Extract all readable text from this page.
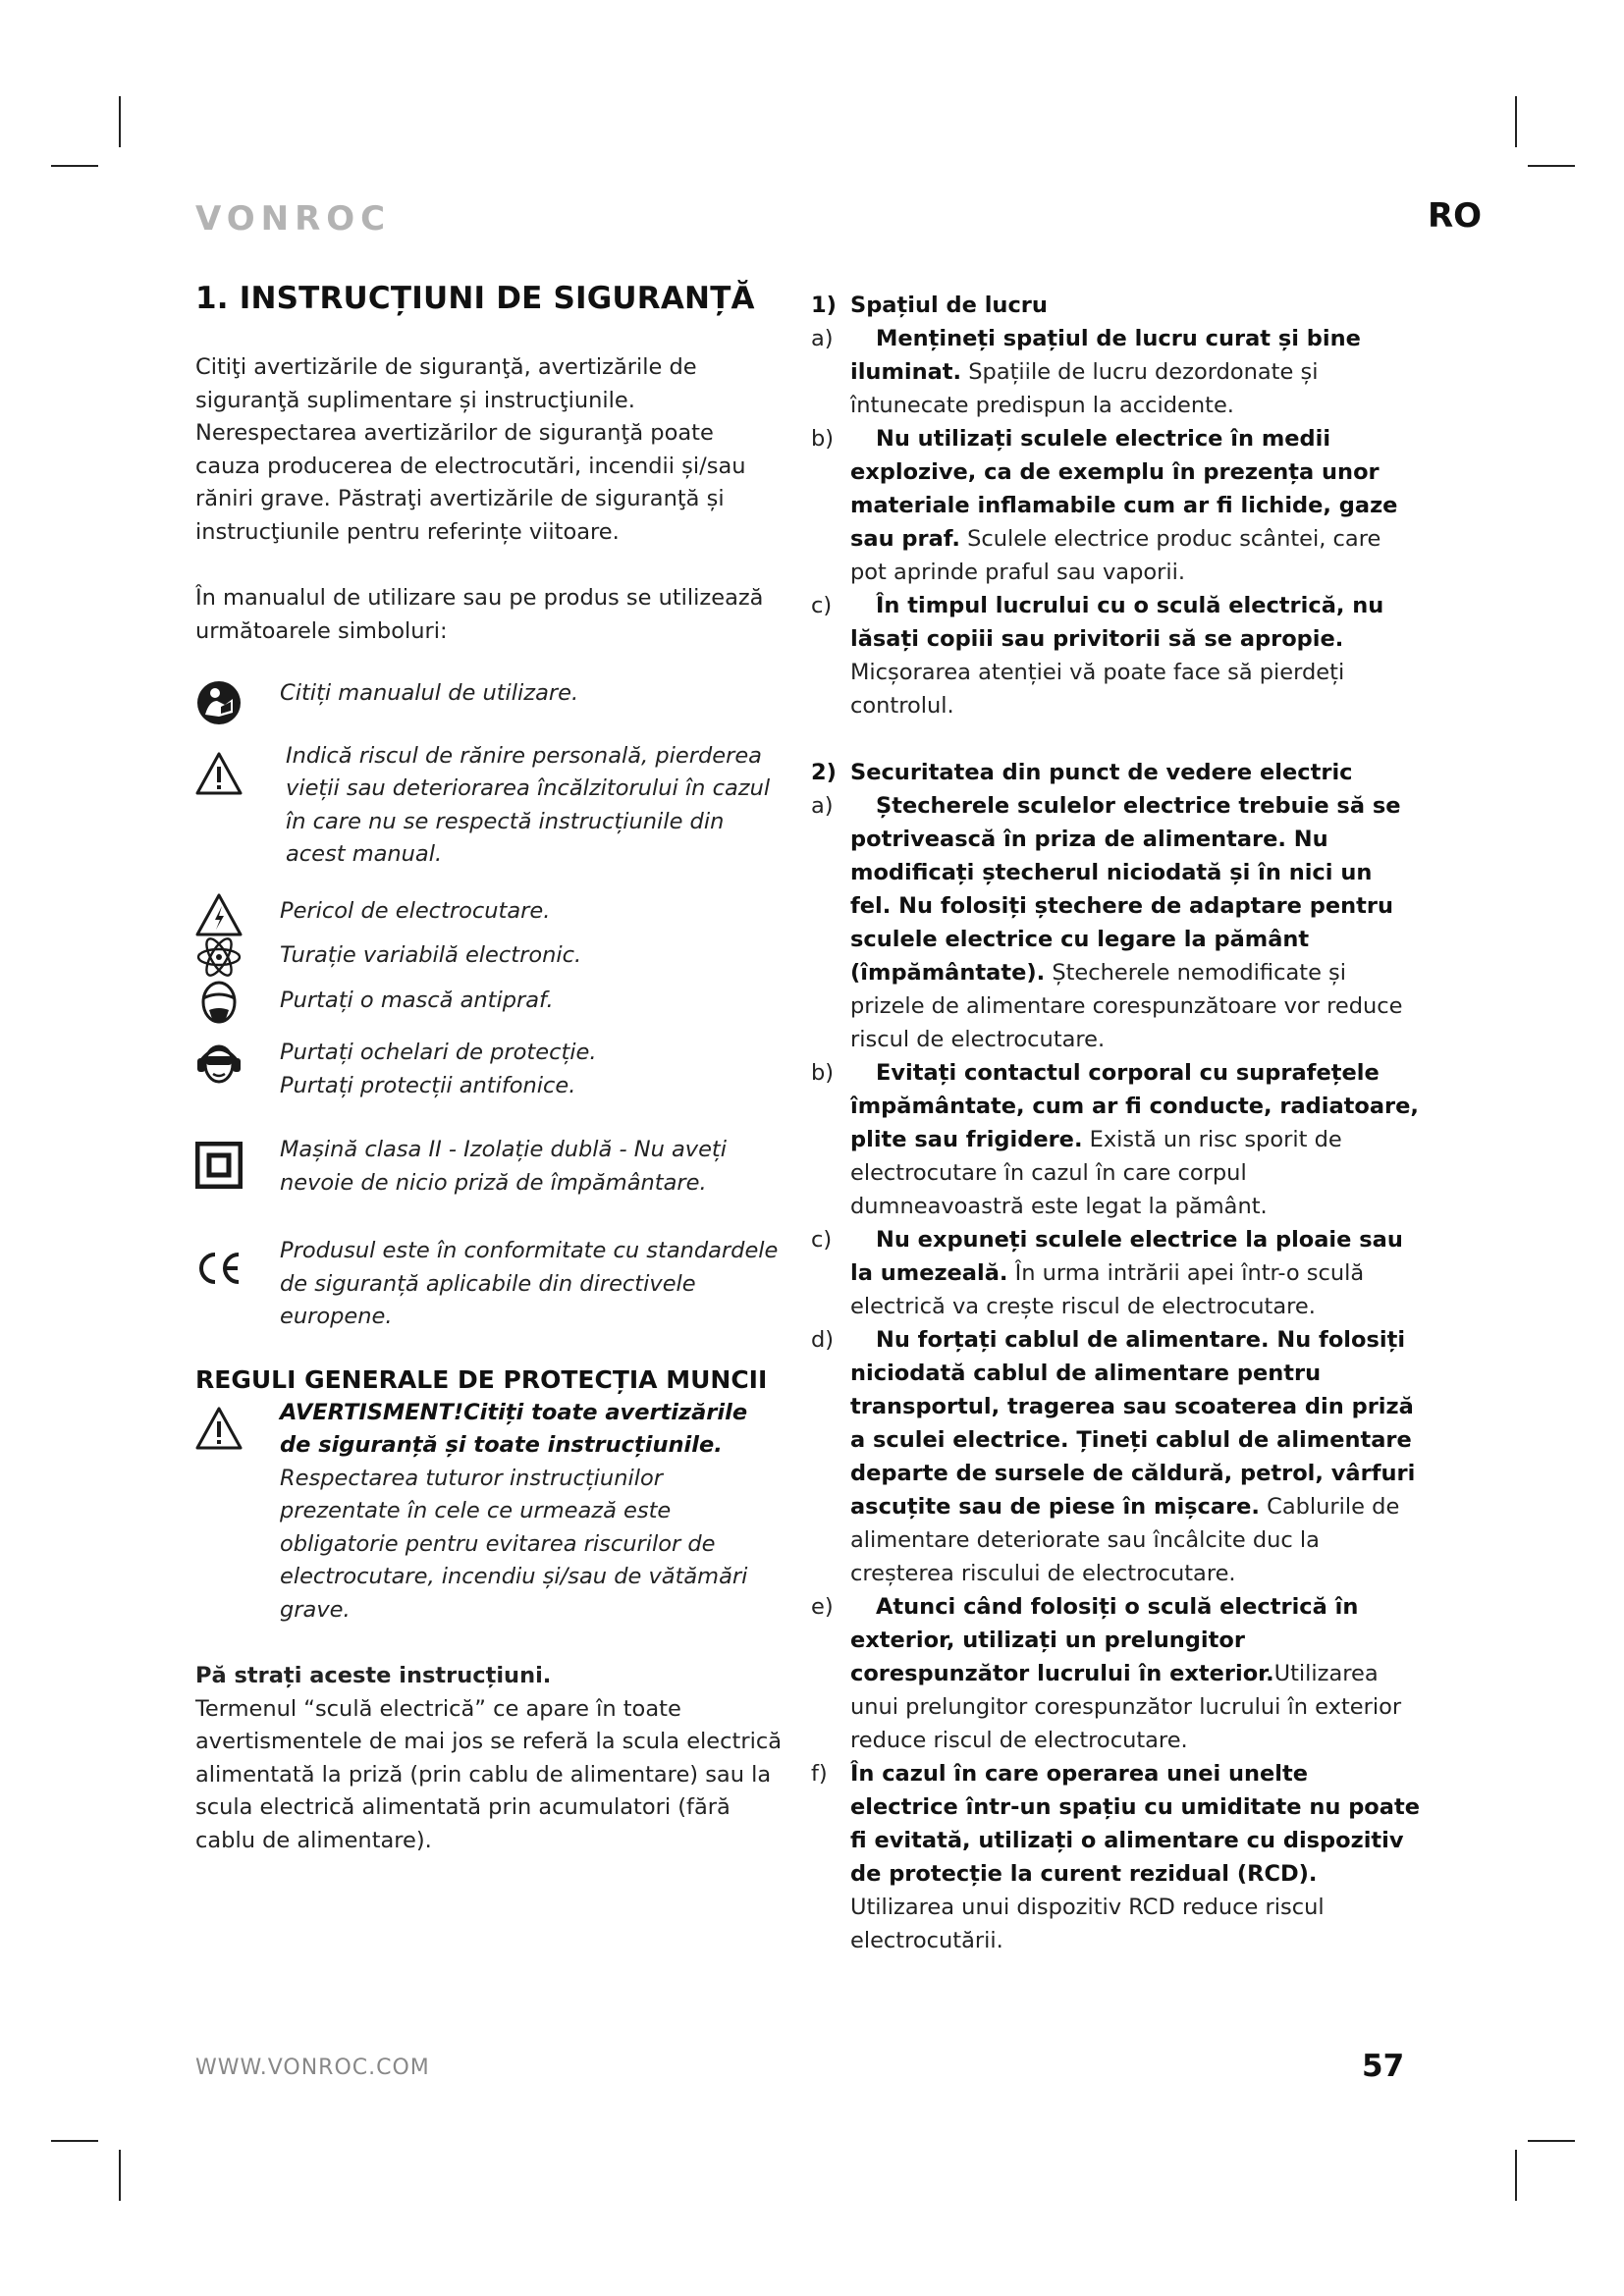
VONROC	RO
1. INSTRUCȚIUNI DE SIGURANȚĂ

Citiţi avertizările de siguranţă, avertizările de siguranţă suplimentare și instrucţiunile. Nerespectarea avertizărilor de siguranţă poate cauza producerea de electrocutări, incendii și/sau răniri grave. Păstraţi avertizările de siguranţă și instrucţiunile pentru referințe viitoare.

În manualul de utilizare sau pe produs se utilizează următoarele simboluri:

Citiți manualul de utilizare.
Indică riscul de rănire personală, pierderea vieții sau deteriorarea încălzitorului în cazul în care nu se respectă instrucțiunile din acest manual.
Pericol de electrocutare.
Turație variabilă electronic.
Purtați o mască antipraf.
Purtați ochelari de protecție.
Purtați protecții antifonice.
Mașină clasa II - Izolație dublă - Nu aveți nevoie de nicio priză de împământare.
Produsul este în conformitate cu standardele de siguranță aplicabile din directivele europene.
REGULI GENERALE DE PROTECȚIA MUNCII
AVERTISMENT!Citiți toate avertizările de siguranță și toate instrucțiunile. Respectarea tuturor instrucțiunilor prezentate în cele ce urmează este obligatorie pentru evitarea riscurilor de electrocutare, incendiu și/sau de vătămări grave.

Pă strați aceste instrucțiuni.

Termenul “sculă electrică” ce apare în toate avertismentele de mai jos se referă la scula electrică alimentată la priză (prin cablu de alimentare) sau la scula electrică alimentată prin acumulatori (fără cablu de alimentare).

1) Spațiul de lucru
a) Mențineți spațiul de lucru curat și bine iluminat. Spațiile de lucru dezordonate și întunecate predispun la accidente.
b) Nu utilizați sculele electrice în medii explozive, ca de exemplu în prezența unor materiale inflamabile cum ar fi lichide, gaze sau praf. Sculele electrice produc scântei, care pot aprinde praful sau vaporii.
c) În timpul lucrului cu o sculă electrică, nu lăsați copiii sau privitorii să se apropie. Micșorarea atenției vă poate face să pierdeți controlul.
2) Securitatea din punct de vedere electric
a) Ștecherele sculelor electrice trebuie să se potrivească în priza de alimentare. Nu modificați ștecherul niciodată și în nici un fel. Nu folosiți ștechere de adaptare pentru sculele electrice cu legare la pământ (împământate). Ștecherele nemodificate și prizele de alimentare corespunzătoare vor reduce riscul de electrocutare.
b) Evitați contactul corporal cu suprafețele împământate, cum ar fi conducte, radiatoare, plite sau frigidere. Există un risc sporit de electrocutare în cazul în care corpul dumneavoastră este legat la pământ.
c) Nu expuneți sculele electrice la ploaie sau la umezeală. În urma intrării apei într-o sculă electrică va crește riscul de electrocutare.
d) Nu forțați cablul de alimentare. Nu folosiți niciodată cablul de alimentare pentru transportul, tragerea sau scoaterea din priză a sculei electrice. Țineți cablul de alimentare departe de sursele de căldură, petrol, vârfuri ascuțite sau de piese în mișcare. Cablurile de alimentare deteriorate sau încâlcite duc la creșterea riscului de electrocutare.
e) Atunci când folosiți o sculă electrică în exterior, utilizați un prelungitor corespunzător lucrului în exterior.Utilizarea unui prelungitor corespunzător lucrului în exterior reduce riscul de electrocutare.
f) În cazul în care operarea unei unelte electrice într-un spațiu cu umiditate nu poate fi evitată, utilizați o alimentare cu dispozitiv de protecție la curent rezidual (RCD). Utilizarea unui dispozitiv RCD reduce riscul electrocutării.
WWW.VONROC.COM	57
